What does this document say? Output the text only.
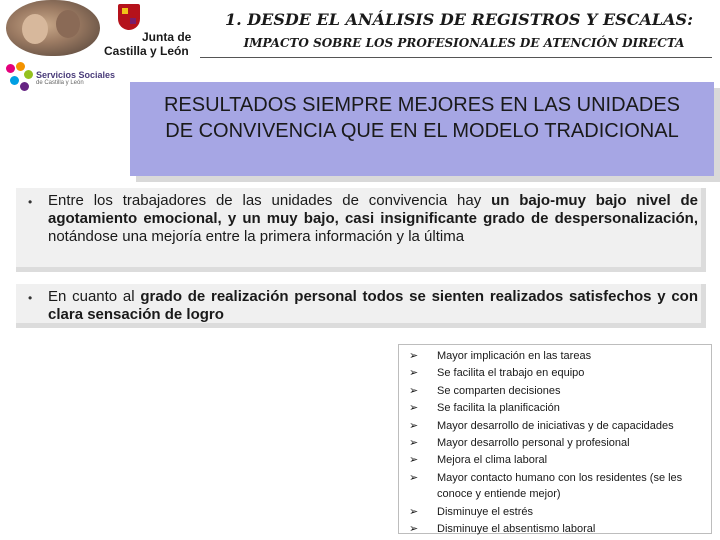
Junta de
Castilla y León
Servicios Sociales
de Castilla y León
1. DESDE EL ANÁLISIS DE REGISTROS Y ESCALAS:
IMPACTO SOBRE LOS PROFESIONALES DE ATENCIÓN DIRECTA
RESULTADOS SIEMPRE MEJORES EN LAS UNIDADES DE CONVIVENCIA QUE EN EL MODELO TRADICIONAL
• Entre los trabajadores de las unidades de convivencia hay un bajo-muy bajo nivel de agotamiento emocional, y un muy bajo, casi insignificante grado de despersonalización, notándose una mejoría entre la primera información y la última

• En cuanto al grado de realización personal todos se sienten realizados satisfechos y con clara sensación de logro

➢ Mayor implicación en las tareas
➢ Se facilita el trabajo en equipo
➢ Se comparten decisiones
➢ Se facilita la planificación
➢ Mayor desarrollo de iniciativas y de capacidades
➢ Mayor desarrollo personal y profesional
➢ Mejora el clima laboral
➢ Mayor contacto humano con los residentes (se les conoce y entiende mejor)
➢ Disminuye el estrés
➢ Disminuye el absentismo laboral
